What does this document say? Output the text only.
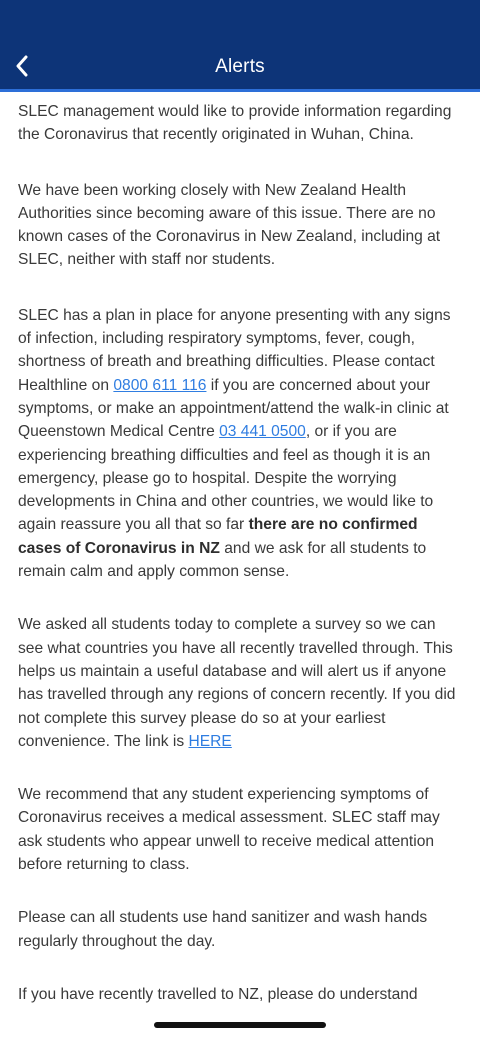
Alerts

SLEC management would like to provide information regarding the Coronavirus that recently originated in Wuhan, China.

We have been working closely with New Zealand Health Authorities since becoming aware of this issue. There are no known cases of the Coronavirus in New Zealand, including at SLEC, neither with staff nor students.

SLEC has a plan in place for anyone presenting with any signs of infection, including respiratory symptoms, fever, cough, shortness of breath and breathing difficulties. Please contact Healthline on 0800 611 116 if you are concerned about your symptoms, or make an appointment/attend the walk-in clinic at Queenstown Medical Centre 03 441 0500, or if you are experiencing breathing difficulties and feel as though it is an emergency, please go to hospital. Despite the worrying developments in China and other countries, we would like to again reassure you all that so far there are no confirmed cases of Coronavirus in NZ and we ask for all students to remain calm and apply common sense.

We asked all students today to complete a survey so we can see what countries you have all recently travelled through. This helps us maintain a useful database and will alert us if anyone has travelled through any regions of concern recently. If you did not complete this survey please do so at your earliest convenience. The link is HERE

We recommend that any student experiencing symptoms of Coronavirus receives a medical assessment. SLEC staff may ask students who appear unwell to receive medical attention before returning to class.

Please can all students use hand sanitizer and wash hands regularly throughout the day.

If you have recently travelled to NZ, please do understand
